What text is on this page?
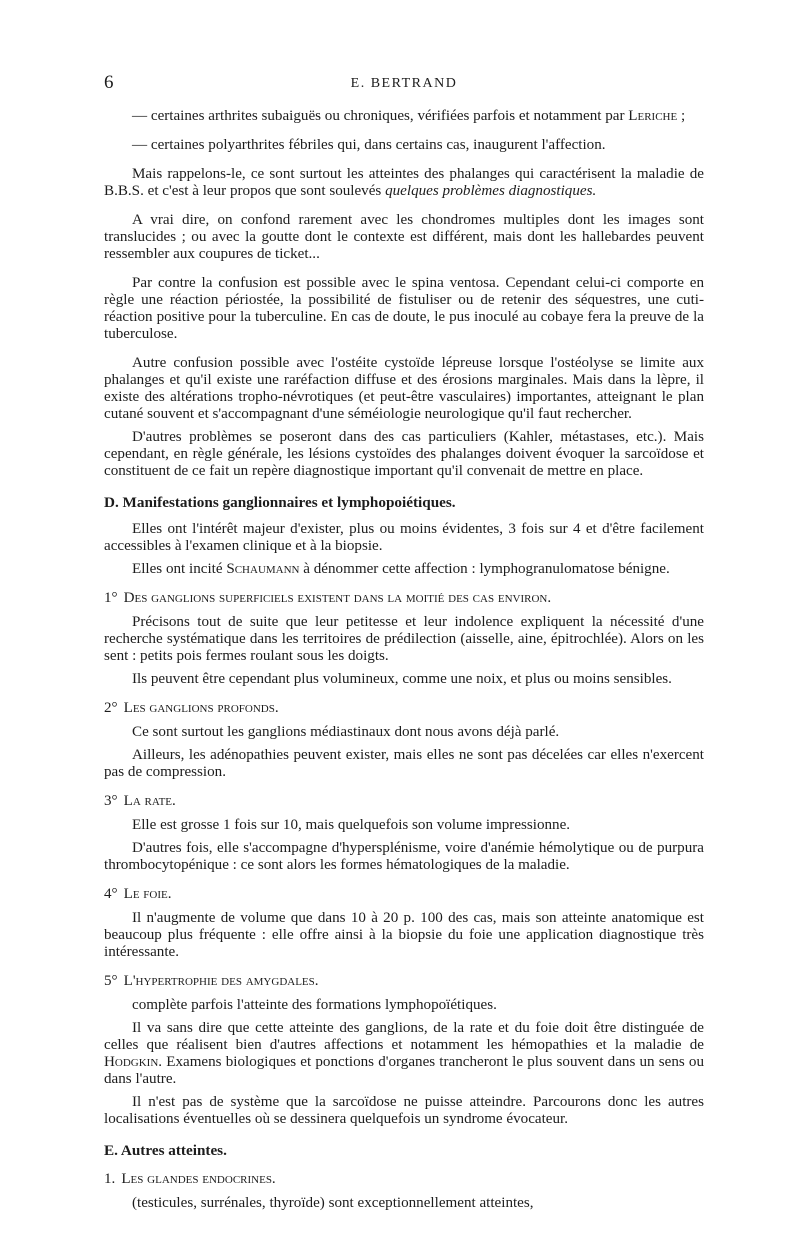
6	E. BERTRAND

— certaines arthrites subaiguës ou chroniques, vérifiées parfois et notamment par Leriche ;

— certaines polyarthrites fébriles qui, dans certains cas, inaugurent l'affection.

Mais rappelons-le, ce sont surtout les atteintes des phalanges qui caractérisent la maladie de B.B.S. et c'est à leur propos que sont soulevés quelques problèmes diagnostiques.

A vrai dire, on confond rarement avec les chondromes multiples dont les images sont translucides ; ou avec la goutte dont le contexte est différent, mais dont les hallebardes peuvent ressembler aux coupures de ticket...

Par contre la confusion est possible avec le spina ventosa. Cependant celui-ci comporte en règle une réaction périostée, la possibilité de fistuliser ou de retenir des séquestres, une cuti-réaction positive pour la tuberculine. En cas de doute, le pus inoculé au cobaye fera la preuve de la tuberculose.

Autre confusion possible avec l'ostéite cystoïde lépreuse lorsque l'ostéolyse se limite aux phalanges et qu'il existe une raréfaction diffuse et des érosions marginales. Mais dans la lèpre, il existe des altérations tropho-névrotiques (et peut-être vasculaires) importantes, atteignant le plan cutané souvent et s'accompagnant d'une séméiologie neurologique qu'il faut rechercher.

D'autres problèmes se poseront dans des cas particuliers (Kahler, métastases, etc.). Mais cependant, en règle générale, les lésions cystoïdes des phalanges doivent évoquer la sarcoïdose et constituent de ce fait un repère diagnostique important qu'il convenait de mettre en place.

D. Manifestations ganglionnaires et lymphopoiétiques.

Elles ont l'intérêt majeur d'exister, plus ou moins évidentes, 3 fois sur 4 et d'être facilement accessibles à l'examen clinique et à la biopsie.

Elles ont incité Schaumann à dénommer cette affection : lymphogranulomatose bénigne.

1° Des ganglions superficiels existent dans la moitié des cas environ.

Précisons tout de suite que leur petitesse et leur indolence expliquent la nécessité d'une recherche systématique dans les territoires de prédilection (aisselle, aine, épitrochlée). Alors on les sent : petits pois fermes roulant sous les doigts.

Ils peuvent être cependant plus volumineux, comme une noix, et plus ou moins sensibles.

2° Les ganglions profonds.

Ce sont surtout les ganglions médiastinaux dont nous avons déjà parlé.

Ailleurs, les adénopathies peuvent exister, mais elles ne sont pas décelées car elles n'exercent pas de compression.

3° La rate.

Elle est grosse 1 fois sur 10, mais quelquefois son volume impressionne.

D'autres fois, elle s'accompagne d'hypersplénisme, voire d'anémie hémolytique ou de purpura thrombocytopénique : ce sont alors les formes hématologiques de la maladie.

4° Le foie.

Il n'augmente de volume que dans 10 à 20 p. 100 des cas, mais son atteinte anatomique est beaucoup plus fréquente : elle offre ainsi à la biopsie du foie une application diagnostique très intéressante.

5° L'hypertrophie des amygdales.

complète parfois l'atteinte des formations lymphopoïétiques.

Il va sans dire que cette atteinte des ganglions, de la rate et du foie doit être distinguée de celles que réalisent bien d'autres affections et notamment les hémopathies et la maladie de Hodgkin. Examens biologiques et ponctions d'organes trancheront le plus souvent dans un sens ou dans l'autre.

Il n'est pas de système que la sarcoïdose ne puisse atteindre. Parcourons donc les autres localisations éventuelles où se dessinera quelquefois un syndrome évocateur.

E. Autres atteintes.
1. Les glandes endocrines.

(testicules, surrénales, thyroïde) sont exceptionnellement atteintes,
